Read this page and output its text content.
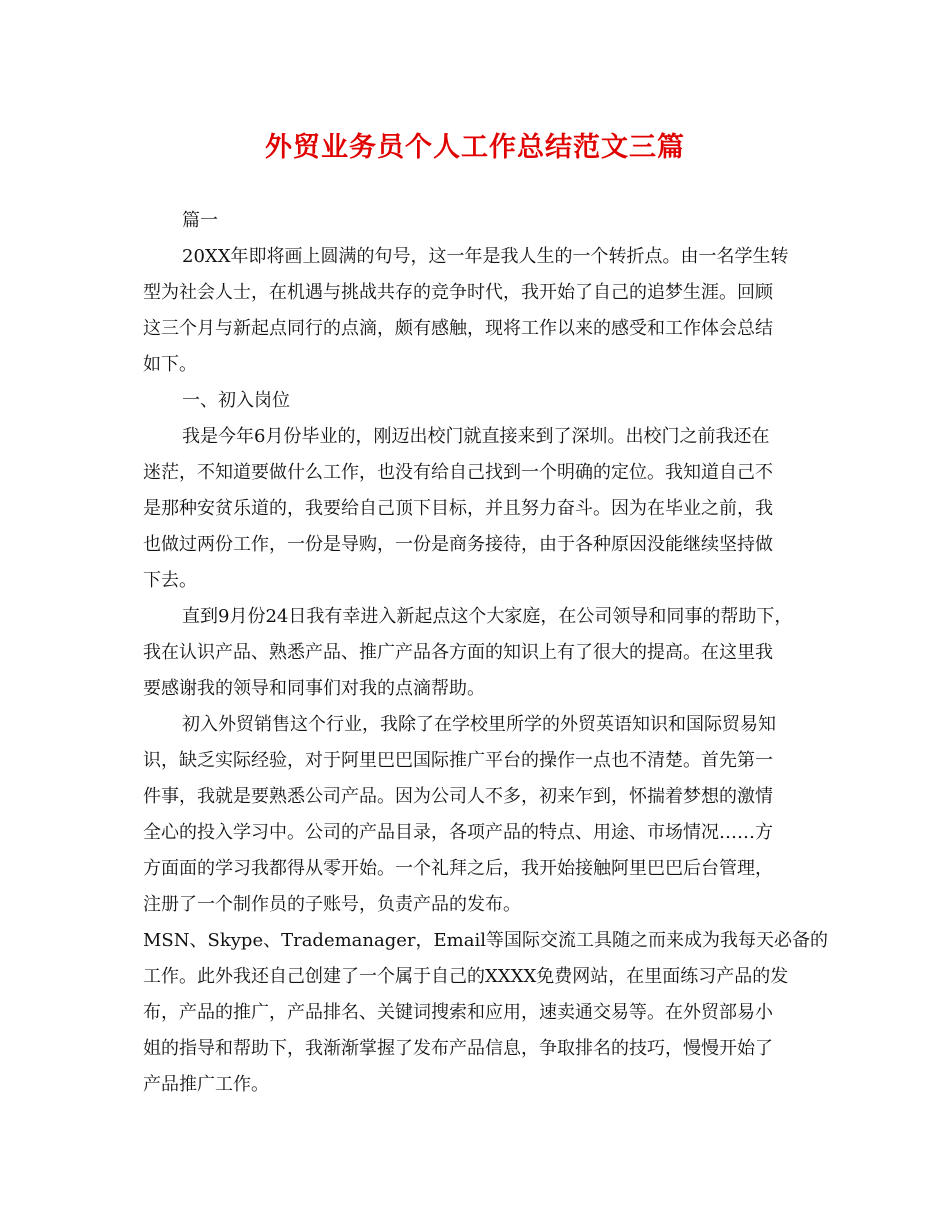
外贸业务员个人工作总结范文三篇
篇一
20XX年即将画上圆满的句号，这一年是我人生的一个转折点。由一名学生转
型为社会人士，在机遇与挑战共存的竞争时代，我开始了自己的追梦生涯。回顾
这三个月与新起点同行的点滴，颇有感触，现将工作以来的感受和工作体会总结
如下。
一、初入岗位
我是今年6月份毕业的，刚迈出校门就直接来到了深圳。出校门之前我还在
迷茫，不知道要做什么工作，也没有给自己找到一个明确的定位。我知道自己不
是那种安贫乐道的，我要给自己顶下目标，并且努力奋斗。因为在毕业之前，我
也做过两份工作，一份是导购，一份是商务接待，由于各种原因没能继续坚持做
下去。
直到9月份24日我有幸进入新起点这个大家庭，在公司领导和同事的帮助下，
我在认识产品、熟悉产品、推广产品各方面的知识上有了很大的提高。在这里我
要感谢我的领导和同事们对我的点滴帮助。
初入外贸销售这个行业，我除了在学校里所学的外贸英语知识和国际贸易知
识，缺乏实际经验，对于阿里巴巴国际推广平台的操作一点也不清楚。首先第一
件事，我就是要熟悉公司产品。因为公司人不多，初来乍到，怀揣着梦想的激情
全心的投入学习中。公司的产品目录，各项产品的特点、用途、市场情况……方
方面面的学习我都得从零开始。一个礼拜之后，我开始接触阿里巴巴后台管理，
注册了一个制作员的子账号，负责产品的发布。
MSN、Skype、Trademanager，Email等国际交流工具随之而来成为我每天必备的
工作。此外我还自己创建了一个属于自己的XXXX免费网站，在里面练习产品的发
布，产品的推广，产品排名、关键词搜索和应用，速卖通交易等。在外贸部易小
姐的指导和帮助下，我渐渐掌握了发布产品信息，争取排名的技巧，慢慢开始了
产品推广工作。
